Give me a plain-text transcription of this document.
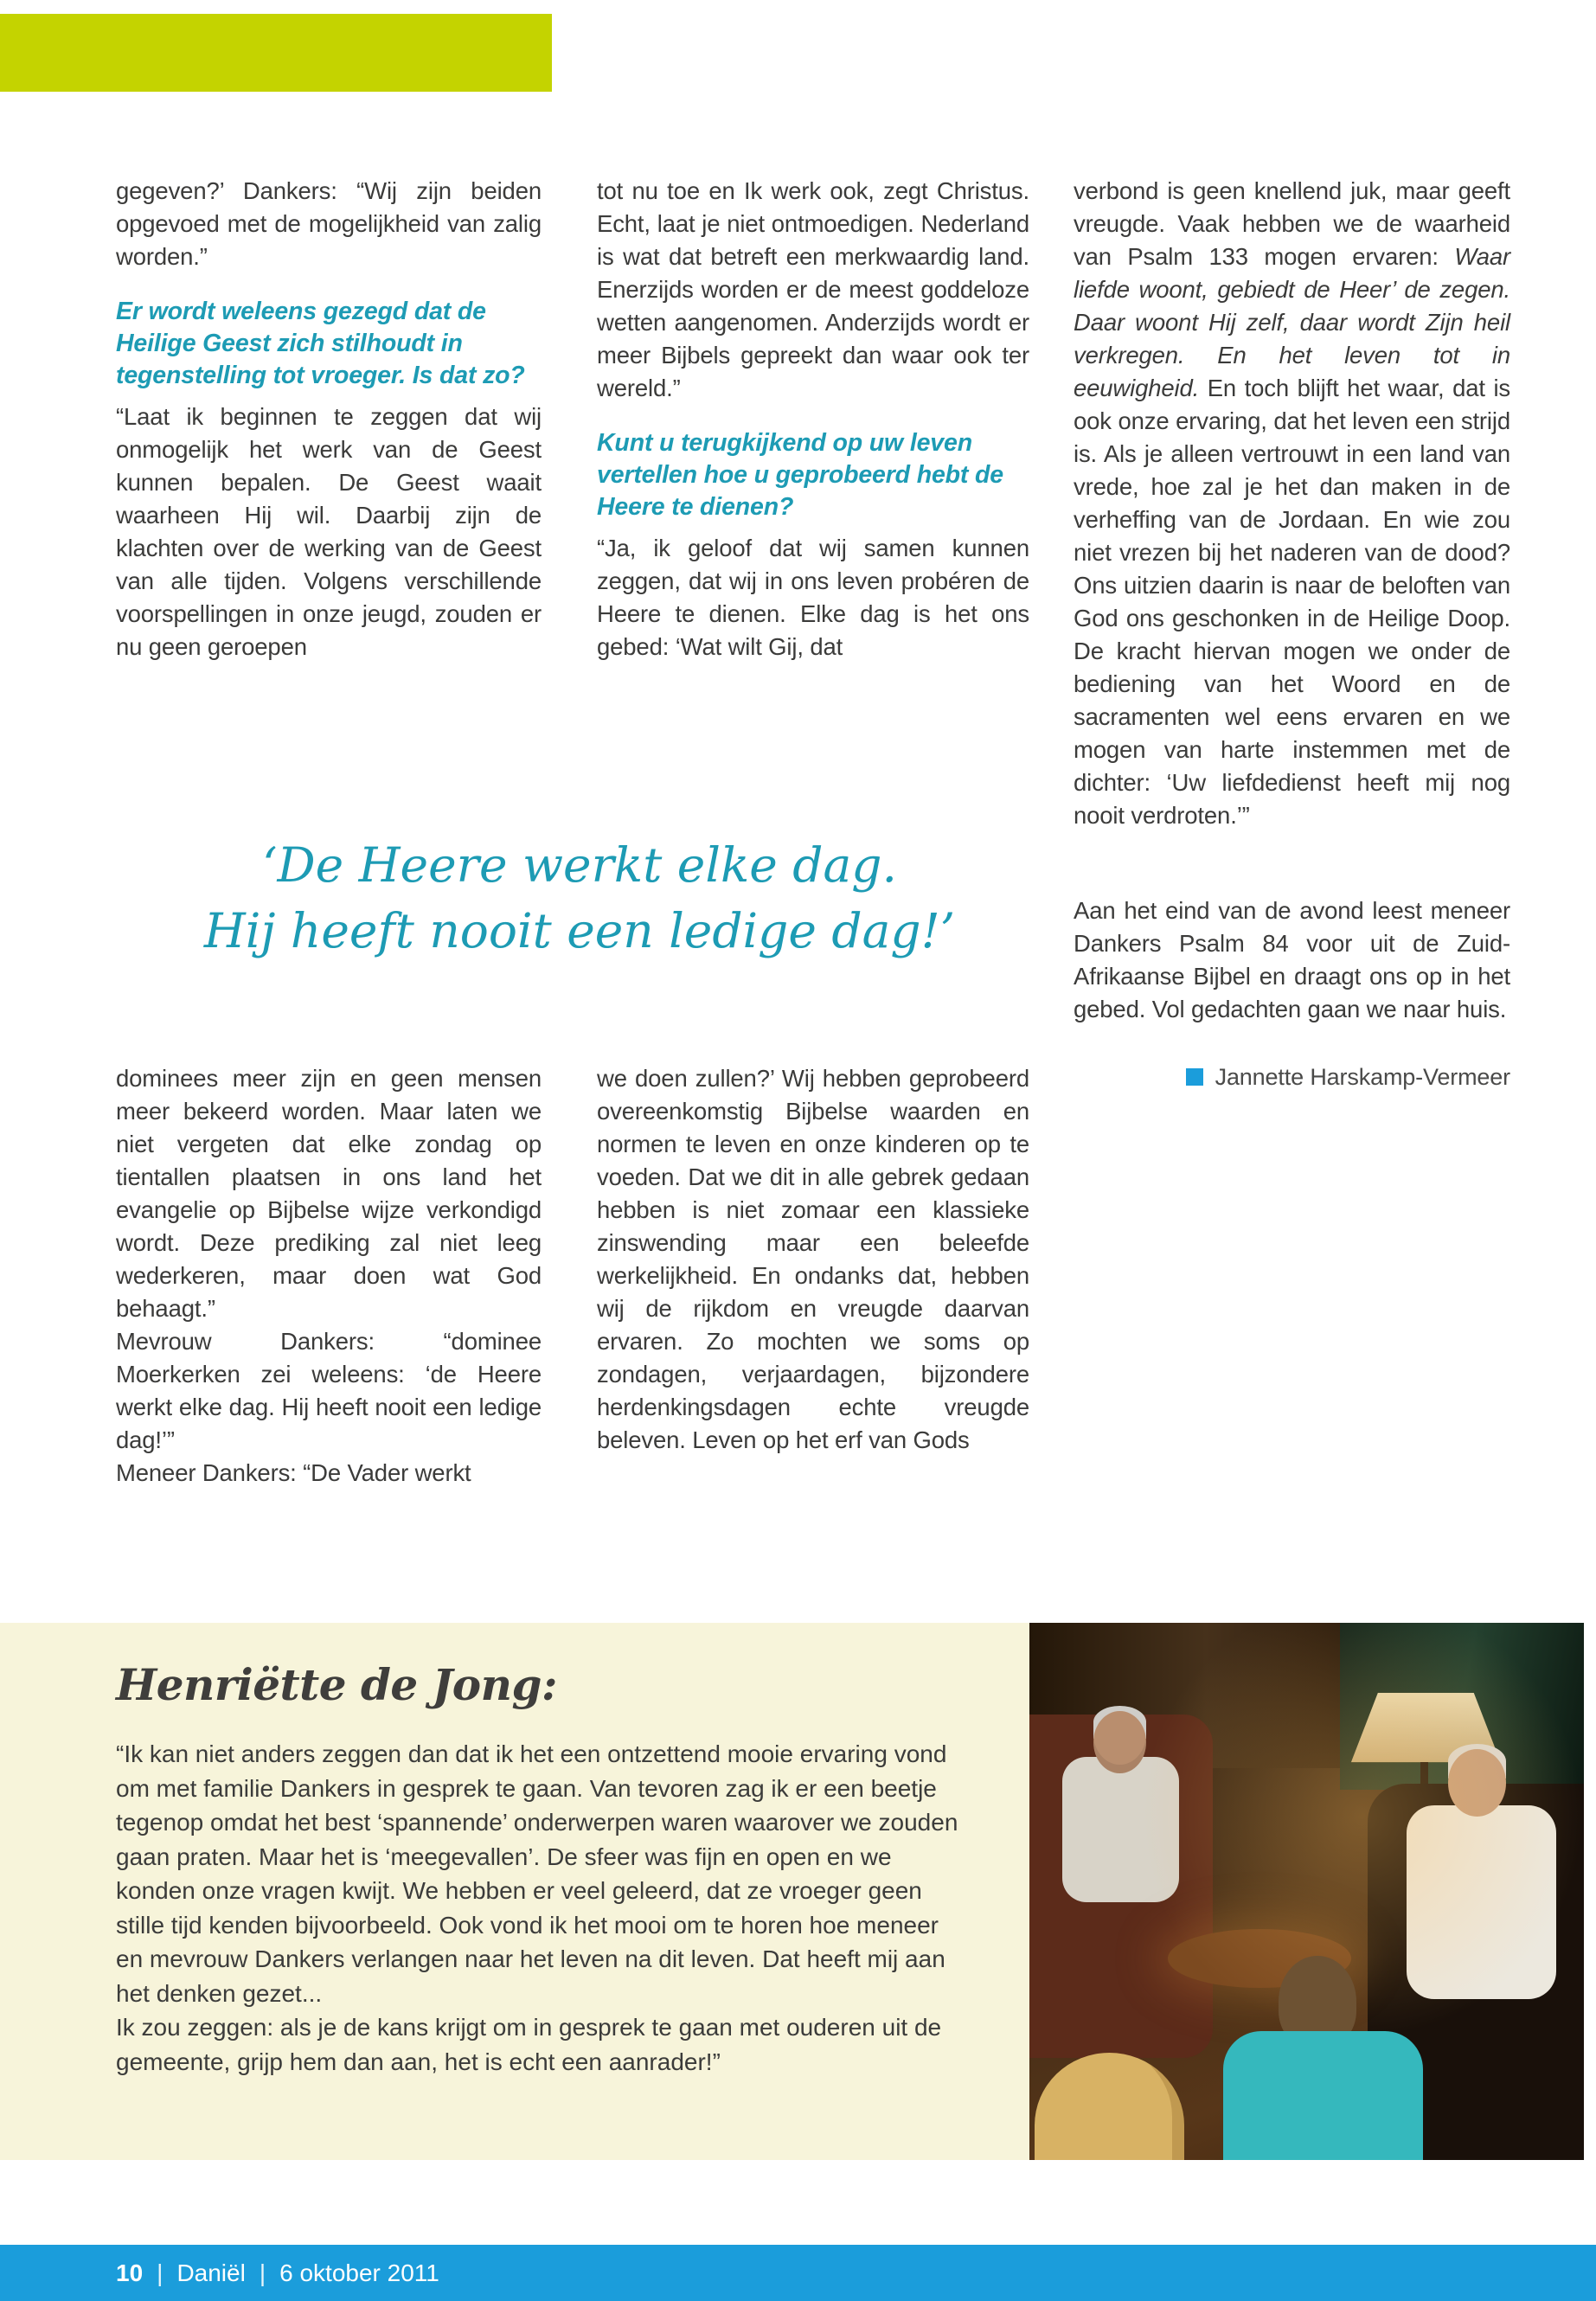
gegeven?’ Dankers: “Wij zijn beiden opgevoed met de mogelijkheid van zalig worden.”

Er wordt weleens gezegd dat de Heilige Geest zich stilhoudt in tegenstelling tot vroeger. Is dat zo?

“Laat ik beginnen te zeggen dat wij onmogelijk het werk van de Geest kunnen bepalen. De Geest waait waarheen Hij wil. Daarbij zijn de klachten over de werking van de Geest van alle tijden. Volgens verschillende voorspellingen in onze jeugd, zouden er nu geen geroepen

tot nu toe en Ik werk ook, zegt Christus. Echt, laat je niet ontmoedigen. Nederland is wat dat betreft een merkwaardig land. Enerzijds worden er de meest goddeloze wetten aangenomen. Anderzijds wordt er meer Bijbels gepreekt dan waar ook ter wereld.”

Kunt u terugkijkend op uw leven vertellen hoe u geprobeerd hebt de Heere te dienen?

“Ja, ik geloof dat wij samen kunnen zeggen, dat wij in ons leven probéren de Heere te dienen. Elke dag is het ons gebed: ‘Wat wilt Gij, dat

verbond is geen knellend juk, maar geeft vreugde. Vaak hebben we de waarheid van Psalm 133 mogen ervaren: Waar liefde woont, gebiedt de Heer’ de zegen. Daar woont Hij zelf, daar wordt Zijn heil verkregen. En het leven tot in eeuwigheid. En toch blijft het waar, dat is ook onze ervaring, dat het leven een strijd is. Als je alleen vertrouwt in een land van vrede, hoe zal je het dan maken in de verheffing van de Jordaan. En wie zou niet vrezen bij het naderen van de dood? Ons uitzien daarin is naar de beloften van God ons geschonken in de Heilige Doop. De kracht hiervan mogen we onder de bediening van het Woord en de sacramenten wel eens ervaren en we mogen van harte instemmen met de dichter: ‘Uw liefdedienst heeft mij nog nooit verdroten.’”

Aan het eind van de avond leest meneer Dankers Psalm 84 voor uit de Zuid-Afrikaanse Bijbel en draagt ons op in het gebed. Vol gedachten gaan we naar huis.

Jannette Harskamp-Vermeer
‘De Heere werkt elke dag.
Hij heeft nooit een ledige dag!’

dominees meer zijn en geen mensen meer bekeerd worden. Maar laten we niet vergeten dat elke zondag op tientallen plaatsen in ons land het evangelie op Bijbelse wijze verkondigd wordt. Deze prediking zal niet leeg wederkeren, maar doen wat God behaagt.”

Mevrouw Dankers: “dominee Moerkerken zei weleens: ‘de Heere werkt elke dag. Hij heeft nooit een ledige dag!’”

Meneer Dankers: “De Vader werkt

we doen zullen?’ Wij hebben geprobeerd overeenkomstig Bijbelse waarden en normen te leven en onze kinderen op te voeden. Dat we dit in alle gebrek gedaan hebben is niet zomaar een klassieke zinswending maar een beleefde werkelijkheid. En ondanks dat, hebben wij de rijkdom en vreugde daarvan ervaren. Zo mochten we soms op zondagen, verjaardagen, bijzondere herdenkingsdagen echte vreugde beleven. Leven op het erf van Gods

Henriëtte de Jong:

“Ik kan niet anders zeggen dan dat ik het een ontzettend mooie ervaring vond om met familie Dankers in gesprek te gaan. Van tevoren zag ik er een beetje tegenop omdat het best ‘spannende’ onderwerpen waren waarover we zouden gaan praten. Maar het is ‘meegevallen’. De sfeer was fijn en open en we konden onze vragen kwijt. We hebben er veel geleerd, dat ze vroeger geen stille tijd kenden bijvoorbeeld. Ook vond ik het mooi om te horen hoe meneer en mevrouw Dankers verlangen naar het leven na dit leven. Dat heeft mij aan het denken gezet...

Ik zou zeggen: als je de kans krijgt om in gesprek te gaan met ouderen uit de gemeente, grijp hem dan aan, het is echt een aanrader!”

10 | Daniël | 6 oktober 2011
